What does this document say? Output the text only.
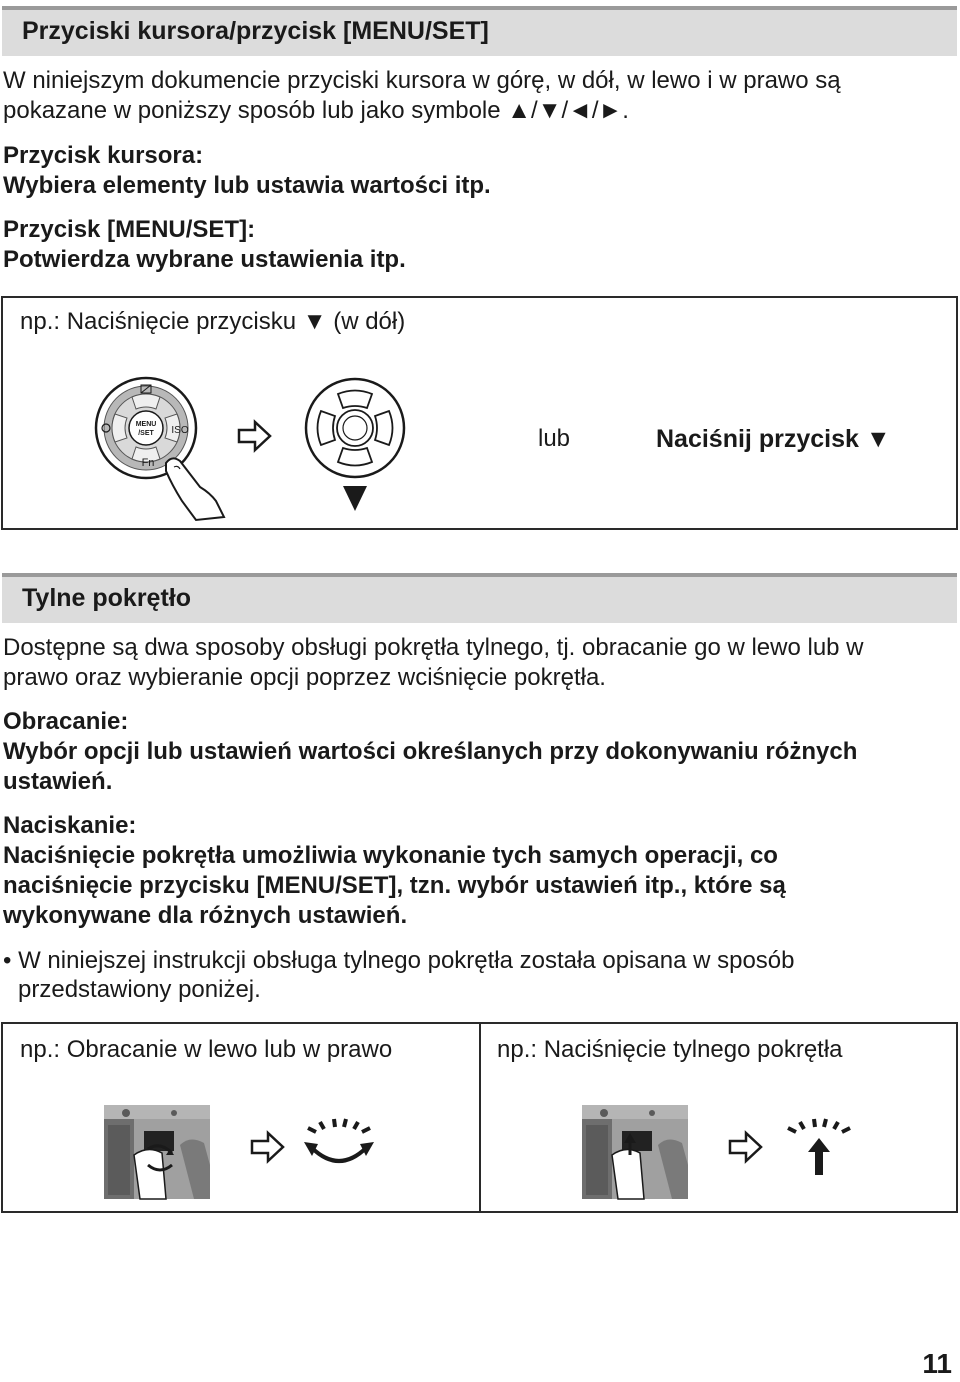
Przyciski kursora/przycisk [MENU/SET]

W niniejszym dokumencie przyciski kursora w górę, w dół, w lewo i w prawo są

pokazane w poniższy sposób lub jako symbole ▲/▼/◄/►.

Przycisk kursora:

Wybiera elementy lub ustawia wartości itp.

Przycisk [MENU/SET]:

Potwierdza wybrane ustawienia itp.

np.: Naciśnięcie przycisku ▼ (w dół)
MENU
/SET ISO
Fn
lub	Naciśnij przycisk ▼
Tylne pokrętło

Dostępne są dwa sposoby obsługi pokrętła tylnego, tj. obracanie go w lewo lub w

prawo oraz wybieranie opcji poprzez wciśnięcie pokrętła.

Obracanie:

Wybór opcji lub ustawień wartości określanych przy dokonywaniu różnych

ustawień.

Naciskanie:

Naciśnięcie pokrętła umożliwia wykonanie tych samych operacji, co

naciśnięcie przycisku [MENU/SET], tzn. wybór ustawień itp., które są

wykonywane dla różnych ustawień.

• W niniejszej instrukcji obsługa tylnego pokrętła została opisana w sposób

przedstawiony poniżej.

np.: Obracanie w lewo lub w prawo	np.: Naciśnięcie tylnego pokrętła
11
